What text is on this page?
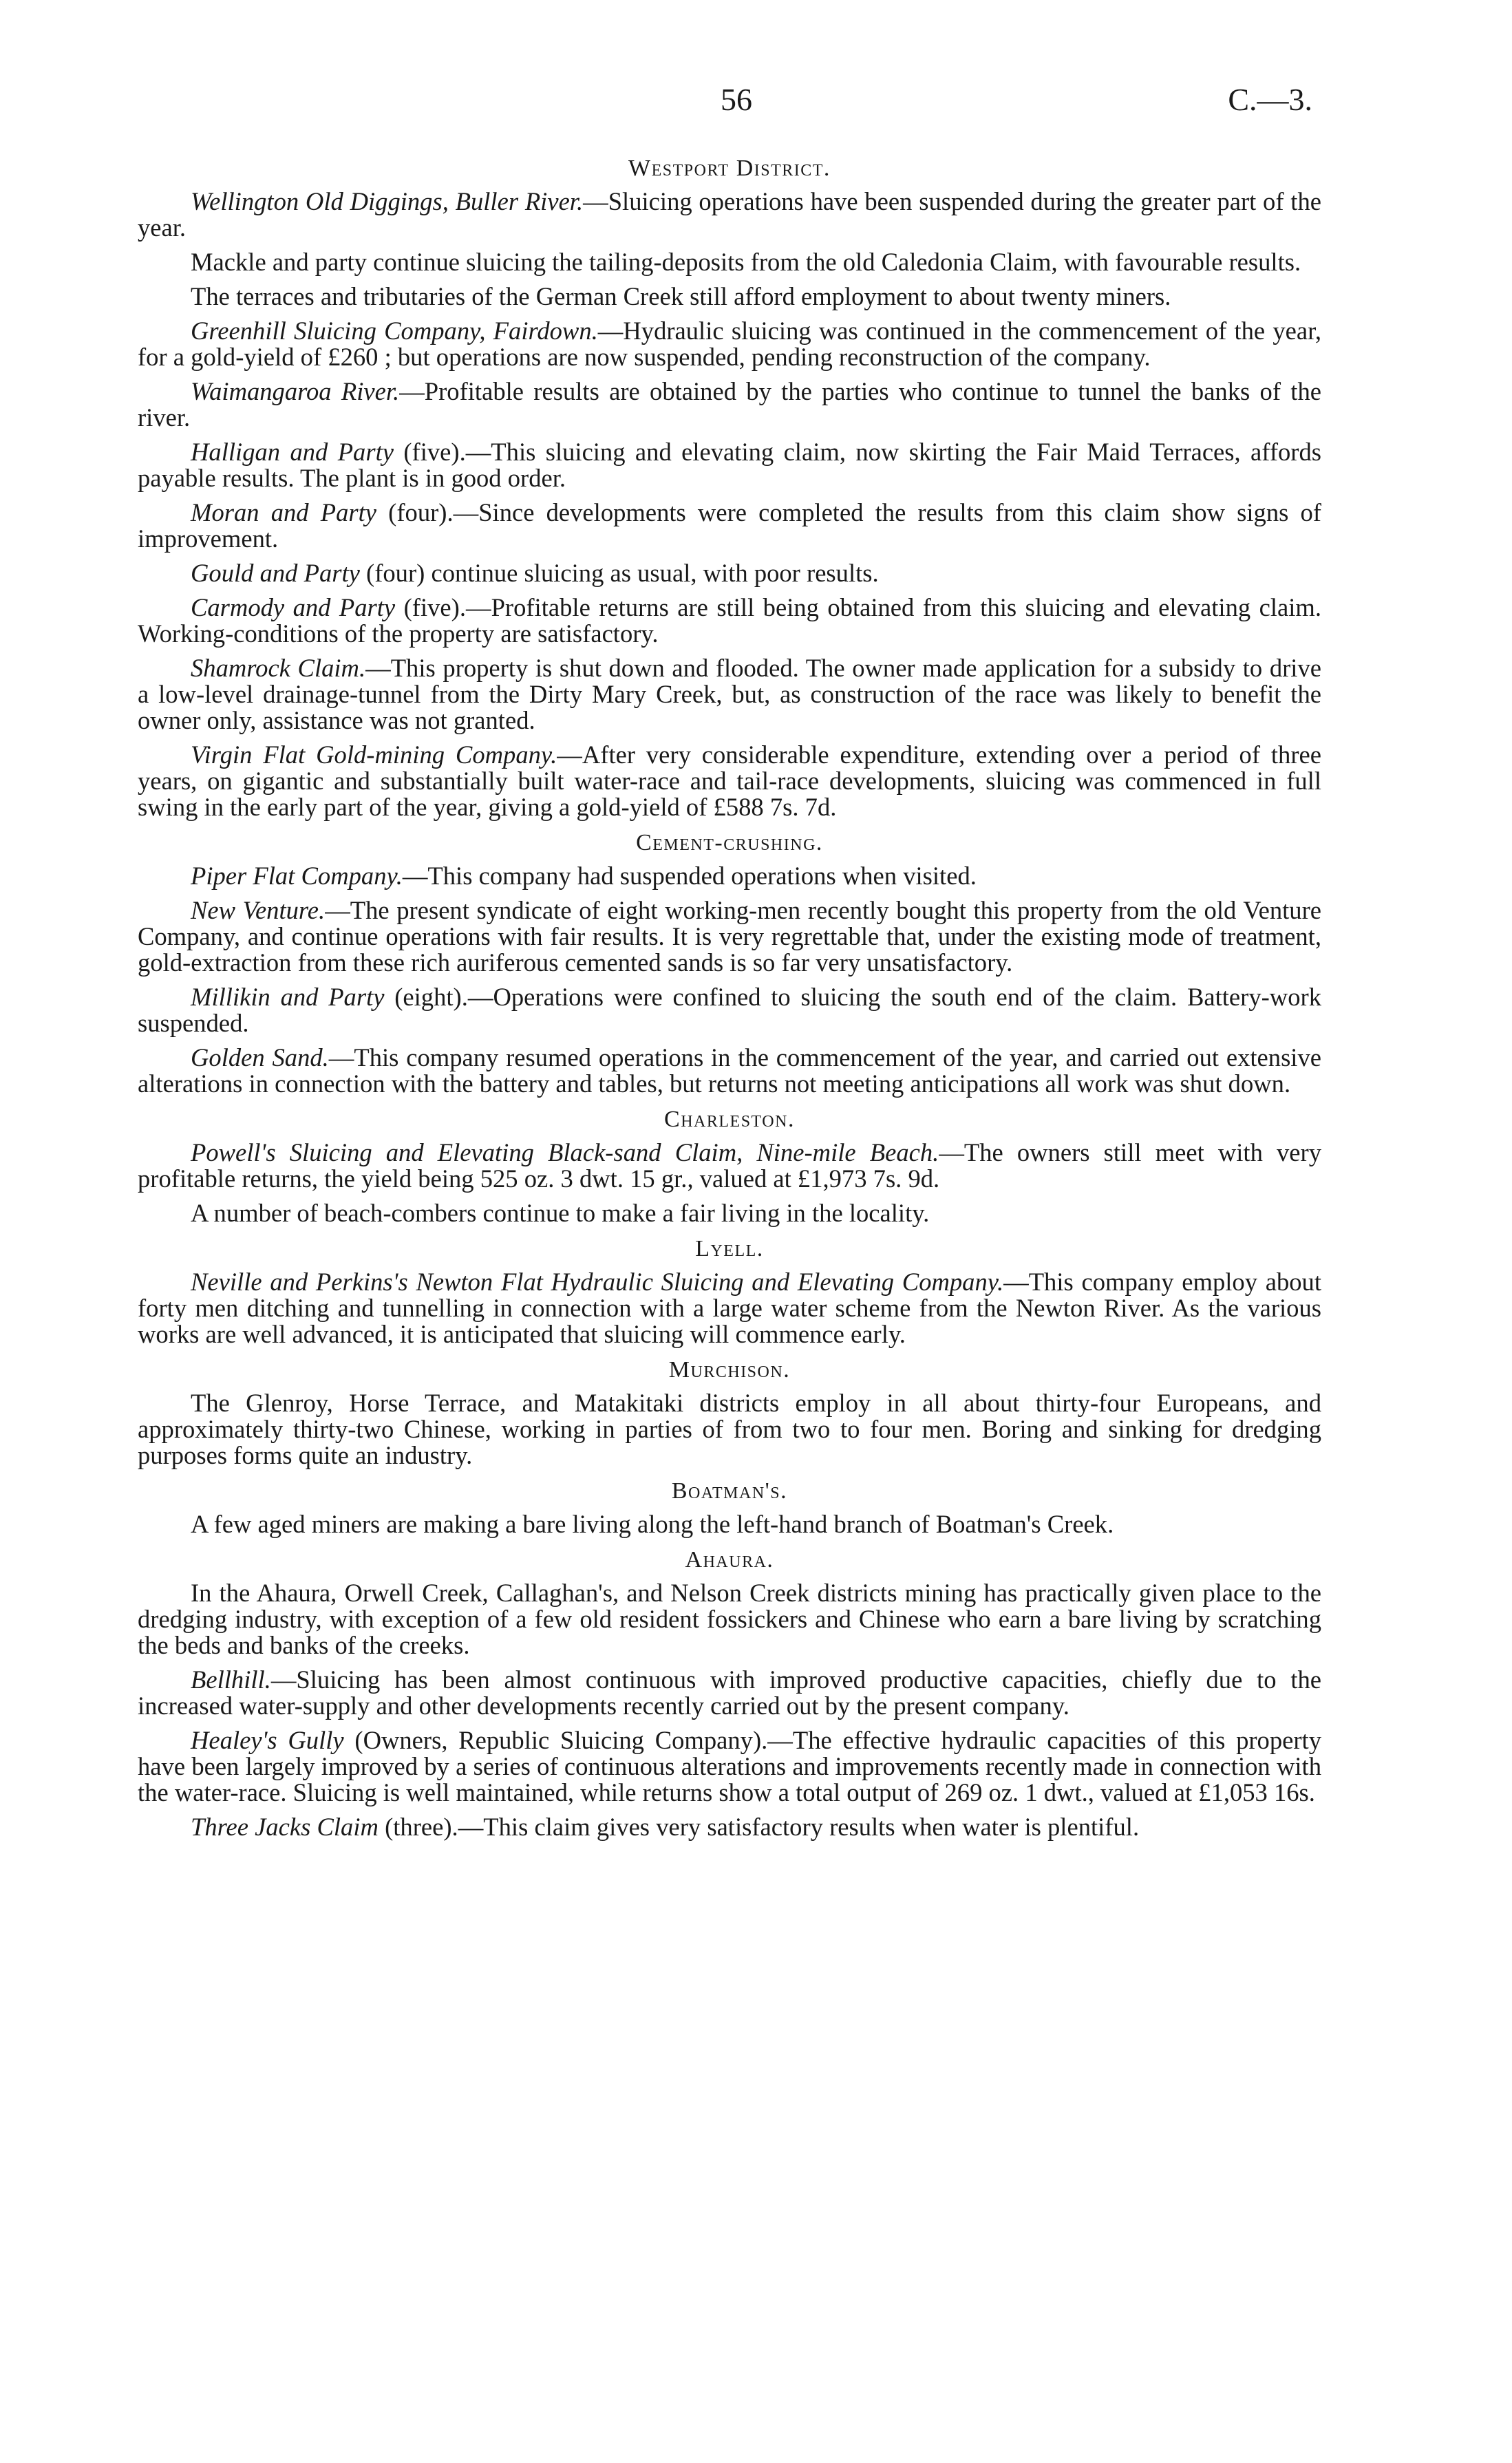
56	C.—3.
Westport District.

Wellington Old Diggings, Buller River.—Sluicing operations have been suspended during the greater part of the year.

Mackle and party continue sluicing the tailing-deposits from the old Caledonia Claim, with favourable results.

The terraces and tributaries of the German Creek still afford employment to about twenty miners.

Greenhill Sluicing Company, Fairdown.—Hydraulic sluicing was continued in the commencement of the year, for a gold-yield of £260 ; but operations are now suspended, pending reconstruction of the company.

Waimangaroa River.—Profitable results are obtained by the parties who continue to tunnel the banks of the river.

Halligan and Party (five).—This sluicing and elevating claim, now skirting the Fair Maid Terraces, affords payable results. The plant is in good order.

Moran and Party (four).—Since developments were completed the results from this claim show signs of improvement.

Gould and Party (four) continue sluicing as usual, with poor results.

Carmody and Party (five).—Profitable returns are still being obtained from this sluicing and elevating claim. Working-conditions of the property are satisfactory.

Shamrock Claim.—This property is shut down and flooded. The owner made application for a subsidy to drive a low-level drainage-tunnel from the Dirty Mary Creek, but, as construction of the race was likely to benefit the owner only, assistance was not granted.

Virgin Flat Gold-mining Company.—After very considerable expenditure, extending over a period of three years, on gigantic and substantially built water-race and tail-race developments, sluicing was commenced in full swing in the early part of the year, giving a gold-yield of £588 7s. 7d.

Cement-crushing.

Piper Flat Company.—This company had suspended operations when visited.

New Venture.—The present syndicate of eight working-men recently bought this property from the old Venture Company, and continue operations with fair results. It is very regrettable that, under the existing mode of treatment, gold-extraction from these rich auriferous cemented sands is so far very unsatisfactory.

Millikin and Party (eight).—Operations were confined to sluicing the south end of the claim. Battery-work suspended.

Golden Sand.—This company resumed operations in the commencement of the year, and carried out extensive alterations in connection with the battery and tables, but returns not meeting anticipations all work was shut down.

Charleston.

Powell's Sluicing and Elevating Black-sand Claim, Nine-mile Beach.—The owners still meet with very profitable returns, the yield being 525 oz. 3 dwt. 15 gr., valued at £1,973 7s. 9d.

A number of beach-combers continue to make a fair living in the locality.

Lyell.

Neville and Perkins's Newton Flat Hydraulic Sluicing and Elevating Company.—This company employ about forty men ditching and tunnelling in connection with a large water scheme from the Newton River. As the various works are well advanced, it is anticipated that sluicing will commence early.

Murchison.

The Glenroy, Horse Terrace, and Matakitaki districts employ in all about thirty-four Europeans, and approximately thirty-two Chinese, working in parties of from two to four men. Boring and sinking for dredging purposes forms quite an industry.

Boatman's.

A few aged miners are making a bare living along the left-hand branch of Boatman's Creek.

Ahaura.

In the Ahaura, Orwell Creek, Callaghan's, and Nelson Creek districts mining has practically given place to the dredging industry, with exception of a few old resident fossickers and Chinese who earn a bare living by scratching the beds and banks of the creeks.

Bellhill.—Sluicing has been almost continuous with improved productive capacities, chiefly due to the increased water-supply and other developments recently carried out by the present company.

Healey's Gully (Owners, Republic Sluicing Company).—The effective hydraulic capacities of this property have been largely improved by a series of continuous alterations and improvements recently made in connection with the water-race. Sluicing is well maintained, while returns show a total output of 269 oz. 1 dwt., valued at £1,053 16s.

Three Jacks Claim (three).—This claim gives very satisfactory results when water is plentiful.
